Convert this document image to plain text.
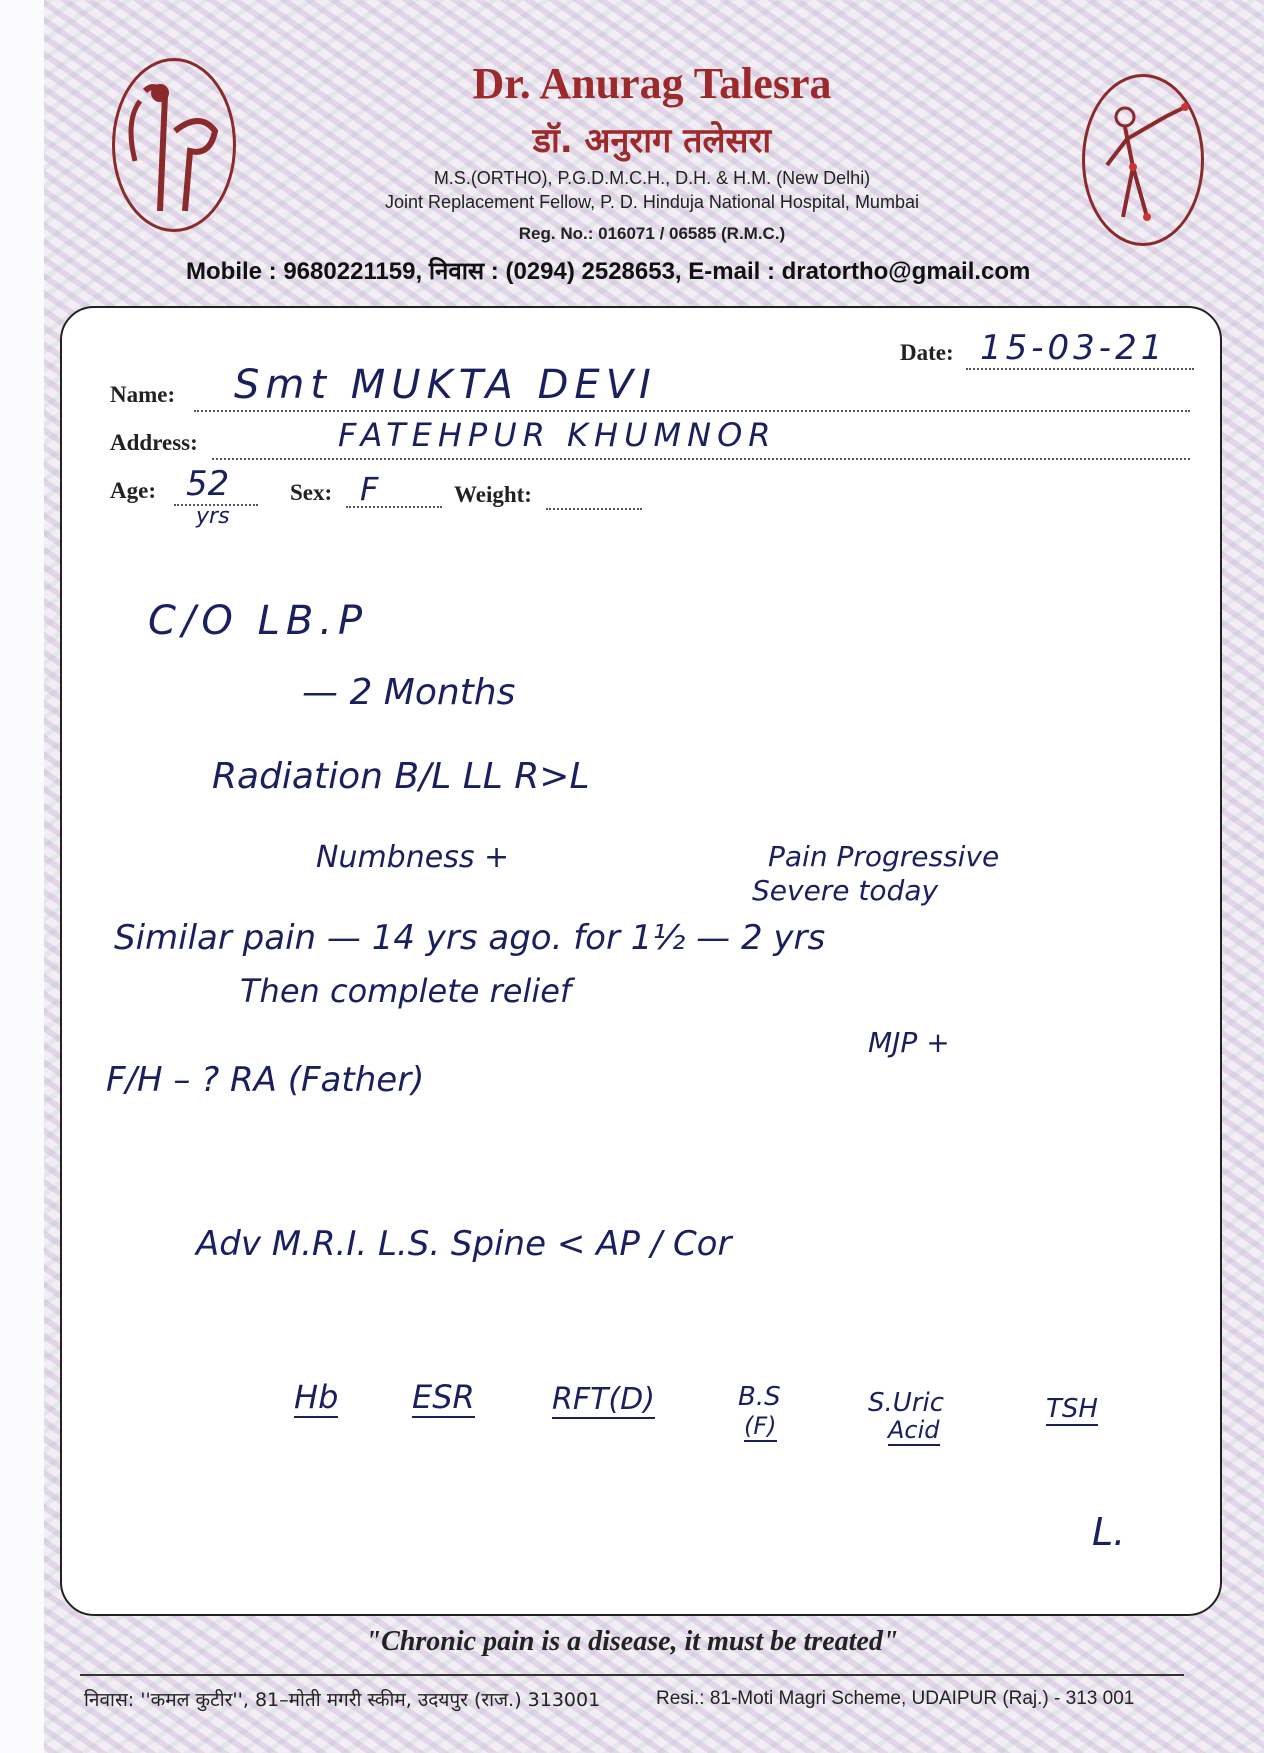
Dr. Anurag Talesra
डॉ. अनुराग तलेसरा
M.S.(ORTHO), P.G.D.M.C.H., D.H. & H.M. (New Delhi)
Joint Replacement Fellow, P. D. Hinduja National Hospital, Mumbai
Reg. No.: 016071 / 06585 (R.M.C.)
Mobile : 9680221159, निवास : (0294) 2528653, E-mail : dratortho@gmail.com
Date: 15-03-21
Name: Smt MUKTA DEVI
Address:	FATEHPUR KHUMNOR
Age: 52
yrs
Sex: F	Weight:
C/O LB.P
— 2 Months
Radiation B/L LL R>L
Numbness +	Pain Progressive
Severe today
Similar pain — 14 yrs ago. for 1½ — 2 yrs
Then complete relief
MJP +
F/H – ? RA (Father)
Adv M.R.I. L.S. Spine < AP / Cor
Hb ESR	RFT(D)	B.S
(F)
S.Uric
Acid
TSH
L.
"Chronic pain is a disease, it must be treated"
निवास: ''कमल कुटीर'', 81–मोती मगरी स्कीम, उदयपुर (राज.) 313001	Resi.: 81-Moti Magri Scheme, UDAIPUR (Raj.) - 313 001
